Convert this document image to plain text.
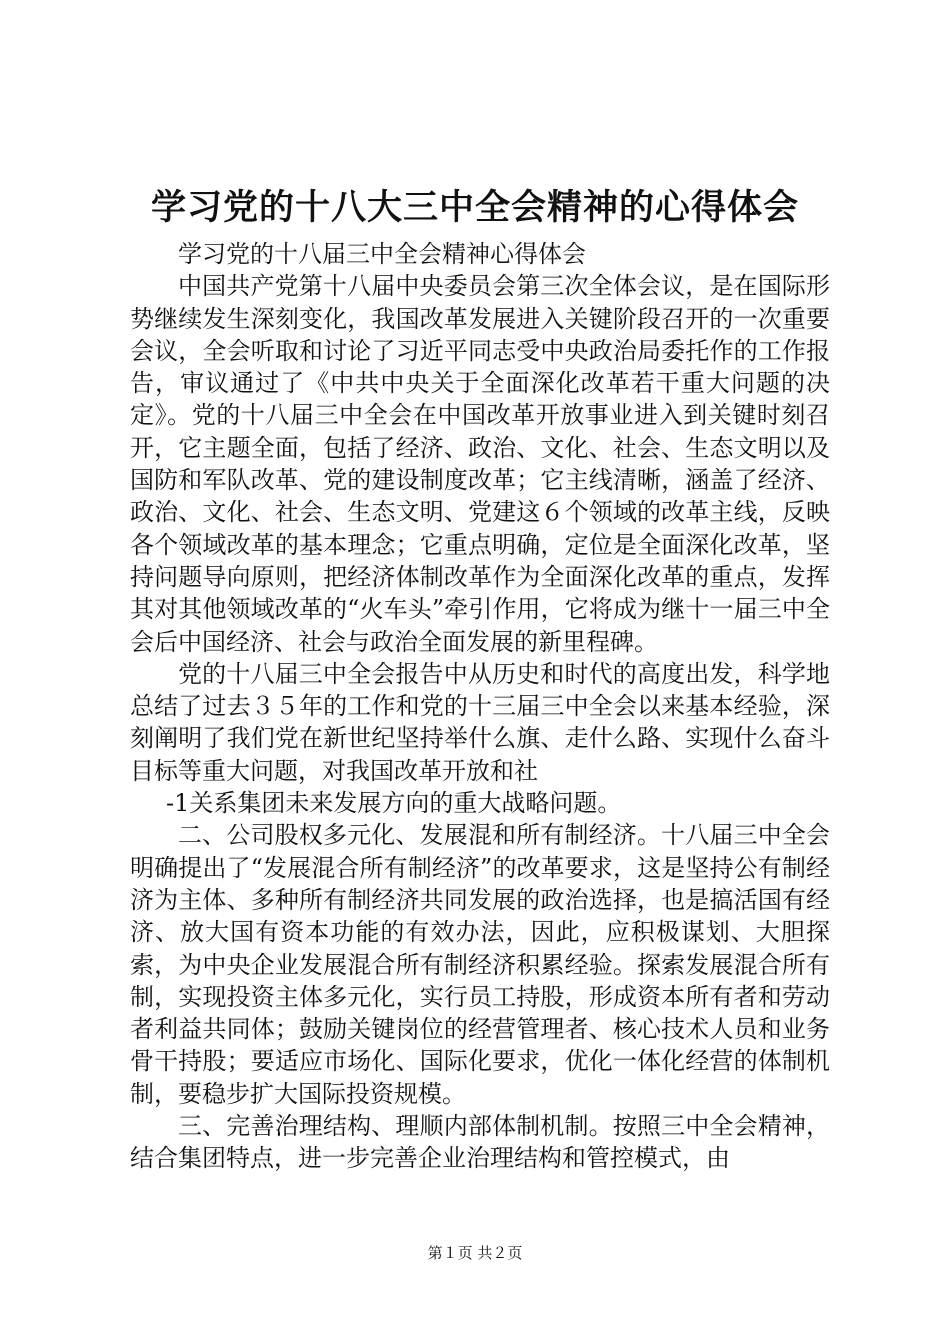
学习党的十八大三中全会精神的心得体会

学习党的十八届三中全会精神心得体会

中国共产党第十八届中央委员会第三次全体会议，是在国际形势继续发生深刻变化，我国改革发展进入关键阶段召开的一次重要会议，全会听取和讨论了习近平同志受中央政治局委托作的工作报告，审议通过了《中共中央关于全面深化改革若干重大问题的决定》。党的十八届三中全会在中国改革开放事业进入到关键时刻召开，它主题全面，包括了经济、政治、文化、社会、生态文明以及国防和军队改革、党的建设制度改革；它主线清晰，涵盖了经济、政治、文化、社会、生态文明、党建这６个领域的改革主线，反映各个领域改革的基本理念；它重点明确，定位是全面深化改革，坚持问题导向原则，把经济体制改革作为全面深化改革的重点，发挥其对其他领域改革的“火车头”牵引作用，它将成为继十一届三中全会后中国经济、社会与政治全面发展的新里程碑。

党的十八届三中全会报告中从历史和时代的高度出发，科学地总结了过去３５年的工作和党的十三届三中全会以来基本经验，深刻阐明了我们党在新世纪坚持举什么旗、走什么路、实现什么奋斗目标等重大问题，对我国改革开放和社

-1关系集团未来发展方向的重大战略问题。

二、公司股权多元化、发展混和所有制经济。十八届三中全会明确提出了“发展混合所有制经济”的改革要求，这是坚持公有制经济为主体、多种所有制经济共同发展的政治选择，也是搞活国有经济、放大国有资本功能的有效办法，因此，应积极谋划、大胆探索，为中央企业发展混合所有制经济积累经验。探索发展混合所有制，实现投资主体多元化，实行员工持股，形成资本所有者和劳动者利益共同体；鼓励关键岗位的经营管理者、核心技术人员和业务骨干持股；要适应市场化、国际化要求，优化一体化经营的体制机制，要稳步扩大国际投资规模。

三、完善治理结构、理顺内部体制机制。按照三中全会精神，结合集团特点，进一步完善企业治理结构和管控模式，由

第１页 共２页
